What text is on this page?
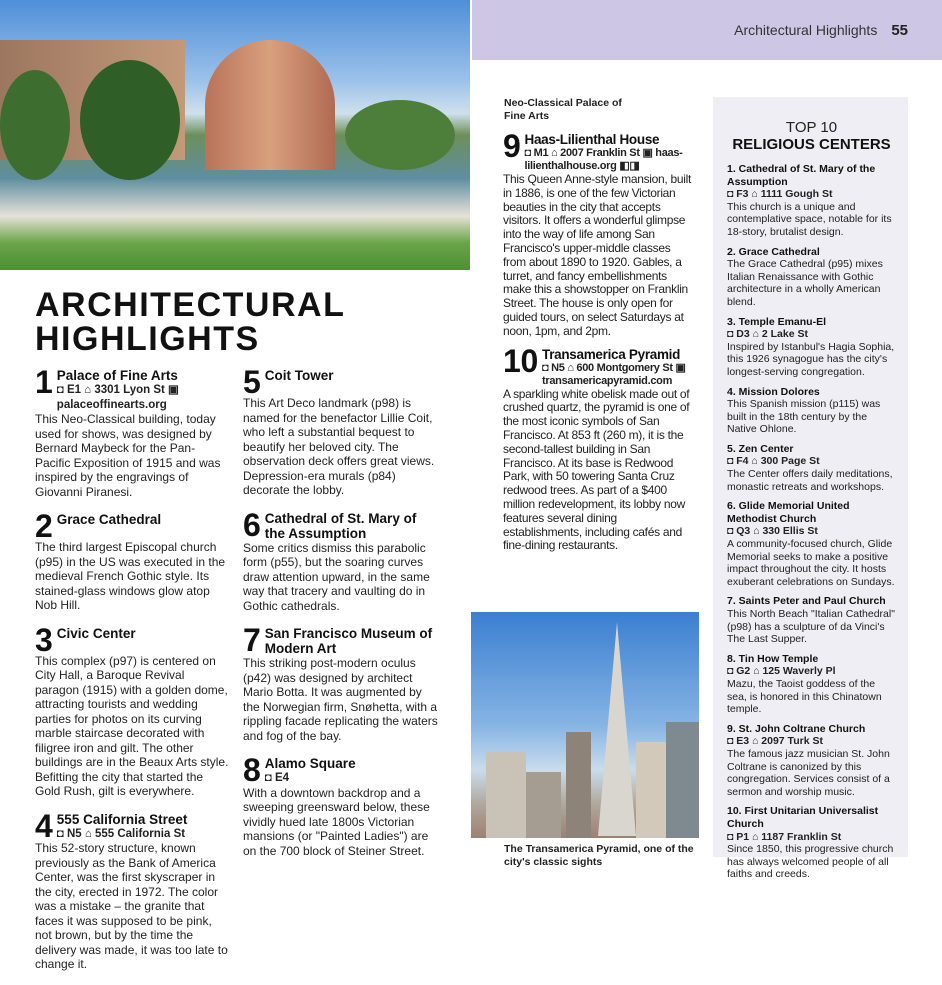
Architectural Highlights 55
ARCHITECTURAL
HIGHLIGHTS
1 Palace of Fine Arts
◘ E1 ⌂ 3301 Lyon St ▣ palaceoffinearts.org
This Neo-Classical building, today used for shows, was designed by Bernard Maybeck for the Pan-Pacific Exposition of 1915 and was inspired by the engravings of Giovanni Piranesi.
2 Grace Cathedral
The third largest Episcopal church (p95) in the US was executed in the medieval French Gothic style. Its stained-glass windows glow atop Nob Hill.
3 Civic Center
This complex (p97) is centered on City Hall, a Baroque Revival paragon (1915) with a golden dome, attracting tourists and wedding parties for photos on its curving marble staircase decorated with filigree iron and gilt. The other buildings are in the Beaux Arts style. Befitting the city that started the Gold Rush, gilt is everywhere.
4 555 California Street
◘ N5 ⌂ 555 California St
This 52-story structure, known previously as the Bank of America Center, was the first skyscraper in the city, erected in 1972. The color was a mistake – the granite that faces it was supposed to be pink, not brown, but by the time the delivery was made, it was too late to change it.
5 Coit Tower
This Art Deco landmark (p98) is named for the benefactor Lillie Coit, who left a substantial bequest to beautify her beloved city. The observation deck offers great views. Depression-era murals (p84) decorate the lobby.
6 Cathedral of St. Mary of the Assumption
Some critics dismiss this parabolic form (p55), but the soaring curves draw attention upward, in the same way that tracery and vaulting do in Gothic cathedrals.
7 San Francisco Museum of Modern Art
This striking post-modern oculus (p42) was designed by architect Mario Botta. It was augmented by the Norwegian firm, Snøhetta, with a rippling facade replicating the waters and fog of the bay.
8 Alamo Square
◘ E4
With a downtown backdrop and a sweeping greensward below, these vividly hued late 1800s Victorian mansions (or "Painted Ladies") are on the 700 block of Steiner Street.
Neo-Classical Palace of Fine Arts
9 Haas-Lilienthal House
◘ M1 ⌂ 2007 Franklin St ▣ haas-lilienthalhouse.org ◧◨
This Queen Anne-style mansion, built in 1886, is one of the few Victorian beauties in the city that accepts visitors. It offers a wonderful glimpse into the way of life among San Francisco's upper-middle classes from about 1890 to 1920. Gables, a turret, and fancy embellishments make this a showstopper on Franklin Street. The house is only open for guided tours, on select Saturdays at noon, 1pm, and 2pm.
10 Transamerica Pyramid
◘ N5 ⌂ 600 Montgomery St ▣ transamericapyramid.com
A sparkling white obelisk made out of crushed quartz, the pyramid is one of the most iconic symbols of San Francisco. At 853 ft (260 m), it is the second-tallest building in San Francisco. At its base is Redwood Park, with 50 towering Santa Cruz redwood trees. As part of a $400 million redevelopment, its lobby now features several dining establishments, including cafés and fine-dining restaurants.
The Transamerica Pyramid, one of the city's classic sights
TOP 10
RELIGIOUS CENTERS
1. Cathedral of St. Mary of the Assumption
◘ F3 ⌂ 1111 Gough St
This church is a unique and contemplative space, notable for its 18-story, brutalist design.
2. Grace Cathedral
The Grace Cathedral (p95) mixes Italian Renaissance with Gothic architecture in a wholly American blend.
3. Temple Emanu-El
◘ D3 ⌂ 2 Lake St
Inspired by Istanbul's Hagia Sophia, this 1926 synagogue has the city's longest-serving congregation.
4. Mission Dolores
This Spanish mission (p115) was built in the 18th century by the Native Ohlone.
5. Zen Center
◘ F4 ⌂ 300 Page St
The Center offers daily meditations, monastic retreats and workshops.
6. Glide Memorial United Methodist Church
◘ Q3 ⌂ 330 Ellis St
A community-focused church, Glide Memorial seeks to make a positive impact throughout the city. It hosts exuberant celebrations on Sundays.
7. Saints Peter and Paul Church
This North Beach "Italian Cathedral" (p98) has a sculpture of da Vinci's The Last Supper.
8. Tin How Temple
◘ G2 ⌂ 125 Waverly Pl
Mazu, the Taoist goddess of the sea, is honored in this Chinatown temple.
9. St. John Coltrane Church
◘ E3 ⌂ 2097 Turk St
The famous jazz musician St. John Coltrane is canonized by this congregation. Services consist of a sermon and worship music.
10. First Unitarian Universalist Church
◘ P1 ⌂ 1187 Franklin St
Since 1850, this progressive church has always welcomed people of all faiths and creeds.
